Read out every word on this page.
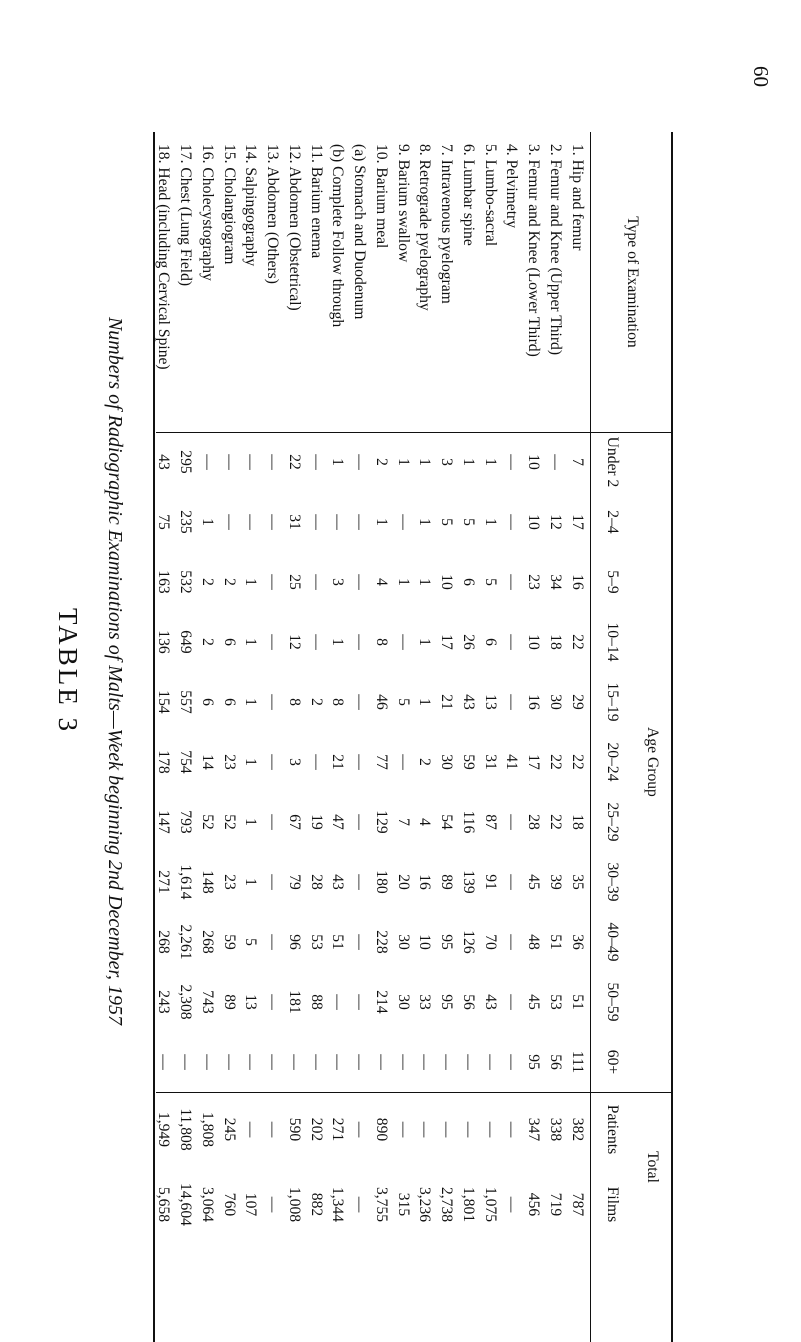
60
TABLE 3 Numbers of Radiographic Examinations of Malts—Week beginning 2nd December, 1957
Type of Examination
Age Group
Under 2
2–4
5–9
10–14
15–19
20–24
25–29
30–39
40–49
50–59
60+
Total
Patients
Films
1. Hip and femur
7
17
16
22
29
22
18
35
36
51
111
382
787
2. Femur and Knee (Upper Third)
—
12
34
18
30
22
22
39
51
53
56
338
719
3. Femur and Knee (Lower Third)
10
10
23
10
16
17
28
45
48
45
95
347
456
4. Pelvimetry
—
—
—
—
—
41
—
—
—
—
—
—
—
5. Lumbo-sacral
1
1
5
6
13
31
87
91
70
43
—
—
1,075
6. Lumbar spine
1
5
6
26
43
59
116
139
126
56
—
—
1,801
7. Intravenous pyelogram
3
5
10
17
21
30
54
89
95
95
—
—
2,738
8. Retrograde pyelography
1
1
1
1
1
2
4
16
10
33
—
—
3,236
9. Barium swallow
1
—
1
—
5
—
7
20
30
30
—
—
315
10. Barium meal
2
1
4
8
46
77
129
180
228
214
—
890
3,755
(a) Stomach and Duodenum
—
—
—
—
—
—
—
—
—
—
—
—
—
(b) Complete Follow through
1
—
3
1
8
21
47
43
51
—
—
271
1,344
11. Barium enema
—
—
—
—
2
—
19
28
53
88
—
202
882
12. Abdomen (Obstetrical)
22
31
25
12
8
3
67
79
96
181
—
590
1,008
13. Abdomen (Others)
—
—
—
—
—
—
—
—
—
—
—
—
—
14. Salpingography
—
—
1
1
1
1
1
1
5
13
—
—
107
15. Cholangiogram
—
—
2
6
6
23
52
23
59
89
—
245
760
16. Cholecystography
—
1
2
2
6
14
52
148
268
743
—
1,808
3,064
17. Chest (Lung Field)
295
235
532
649
557
754
793
1,614
2,261
2,308
—
11,808
14,604
18. Head (including Cervical Spine)
43
75
163
136
154
178
147
271
268
243
—
1,949
5,658
